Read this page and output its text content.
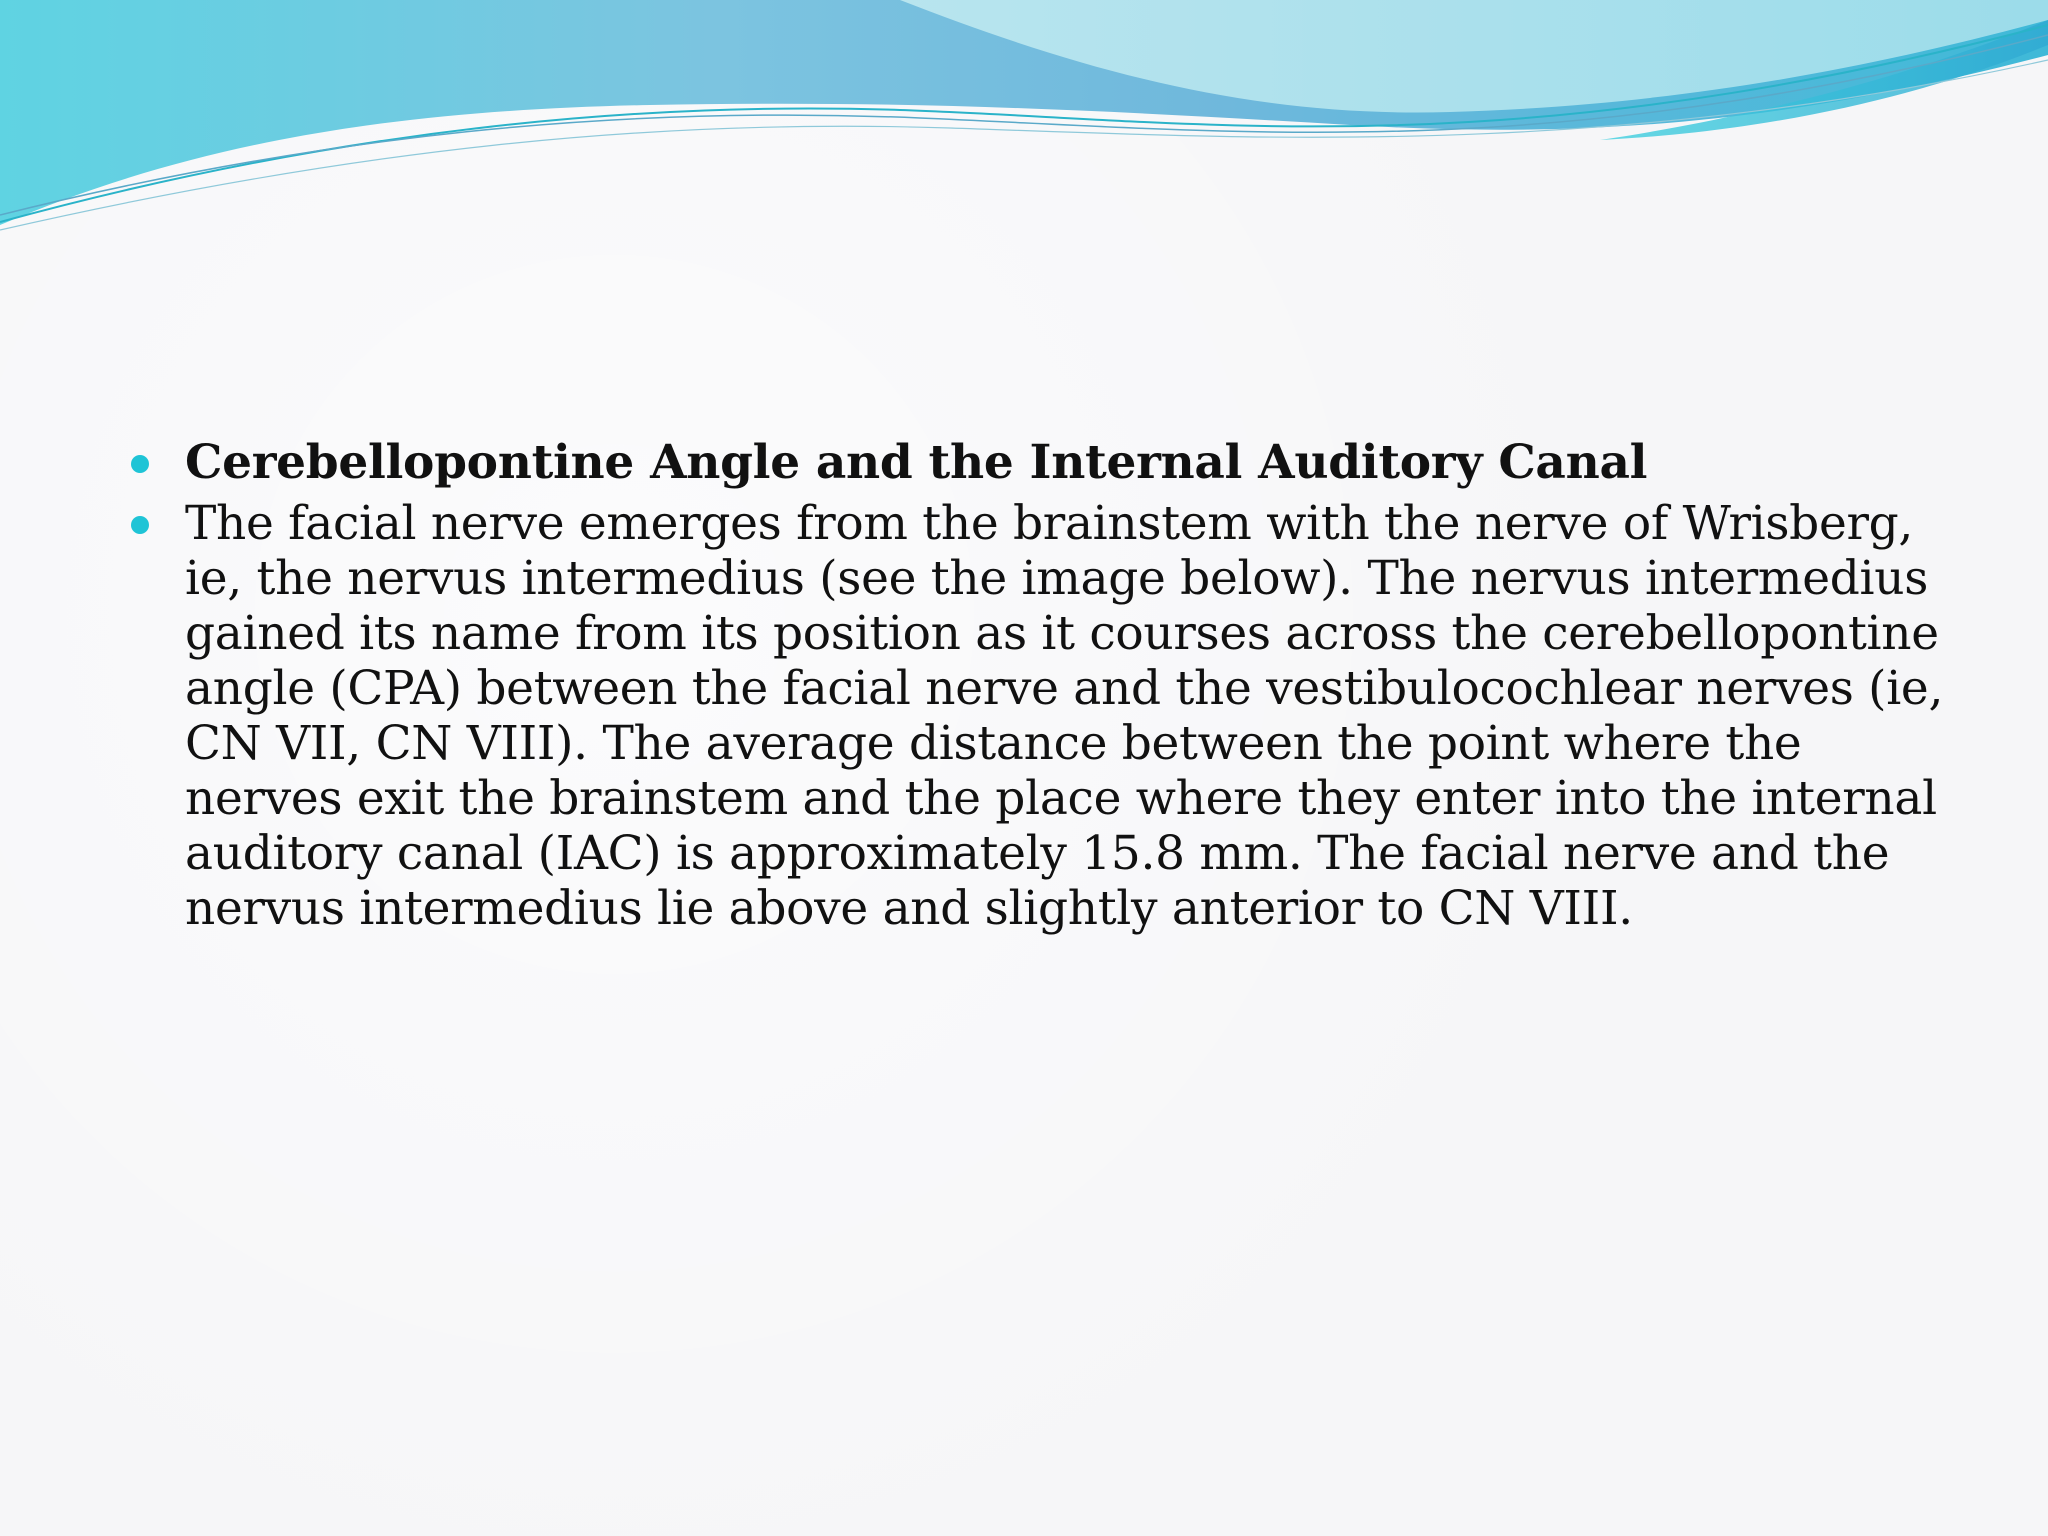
Cerebellopontine Angle and the Internal Auditory Canal
The facial nerve emerges from the brainstem with the nerve of Wrisberg, ie, the nervus intermedius (see the image below). The nervus intermedius gained its name from its position as it courses across the cerebellopontine angle (CPA) between the facial nerve and the vestibulocochlear nerves (ie, CN VII, CN VIII). The average distance between the point where the nerves exit the brainstem and the place where they enter into the internal auditory canal (IAC) is approximately 15.8 mm. The facial nerve and the nervus intermedius lie above and slightly anterior to CN VIII.
